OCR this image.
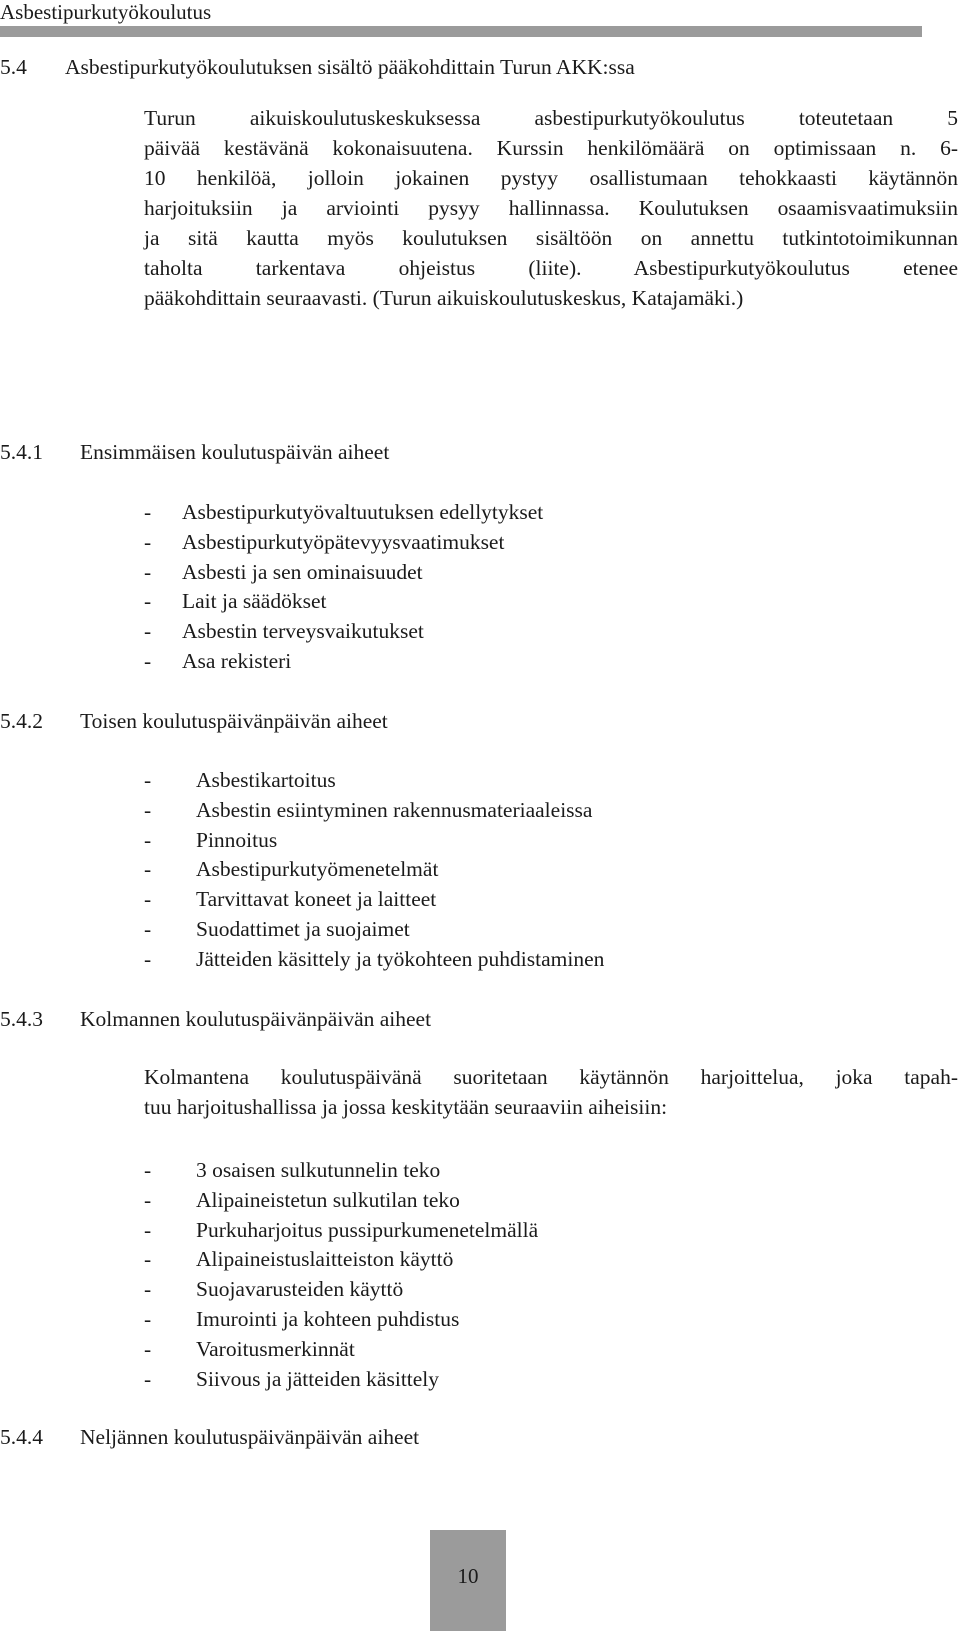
Asbestipurkutyökoulutus
5.4 Asbestipurkutyökoulutuksen sisältö pääkohdittain Turun AKK:ssa
Turun aikuiskoulutuskeskuksessa asbestipurkutyökoulutus toteutetaan 5
päivää kestävänä kokonaisuutena. Kurssin henkilömäärä on optimissaan n. 6-
10 henkilöä, jolloin jokainen pystyy osallistumaan tehokkaasti käytännön
harjoituksiin ja arviointi pysyy hallinnassa. Koulutuksen osaamisvaatimuksiin
ja sitä kautta myös koulutuksen sisältöön on annettu tutkintotoimikunnan
taholta tarkentava ohjeistus (liite). Asbestipurkutyökoulutus etenee
pääkohdittain seuraavasti. (Turun aikuiskoulutuskeskus, Katajamäki.)
5.4.1 Ensimmäisen koulutuspäivän aiheet
- Asbestipurkutyövaltuutuksen edellytykset
- Asbestipurkutyöpätevyysvaatimukset
- Asbesti ja sen ominaisuudet
- Lait ja säädökset
- Asbestin terveysvaikutukset
- Asa rekisteri
5.4.2 Toisen koulutuspäivänpäivän aiheet
- Asbestikartoitus
- Asbestin esiintyminen rakennusmateriaaleissa
- Pinnoitus
- Asbestipurkutyömenetelmät
- Tarvittavat koneet ja laitteet
- Suodattimet ja suojaimet
- Jätteiden käsittely ja työkohteen puhdistaminen
5.4.3 Kolmannen koulutuspäivänpäivän aiheet
Kolmantena koulutuspäivänä suoritetaan käytännön harjoittelua, joka tapah-
tuu harjoitushallissa ja jossa keskitytään seuraaviin aiheisiin:
- 3 osaisen sulkutunnelin teko
- Alipaineistetun sulkutilan teko
- Purkuharjoitus pussipurkumenetelmällä
- Alipaineistuslaitteiston käyttö
- Suojavarusteiden käyttö
- Imurointi ja kohteen puhdistus
- Varoitusmerkinnät
- Siivous ja jätteiden käsittely
5.4.4 Neljännen koulutuspäivänpäivän aiheet
10
